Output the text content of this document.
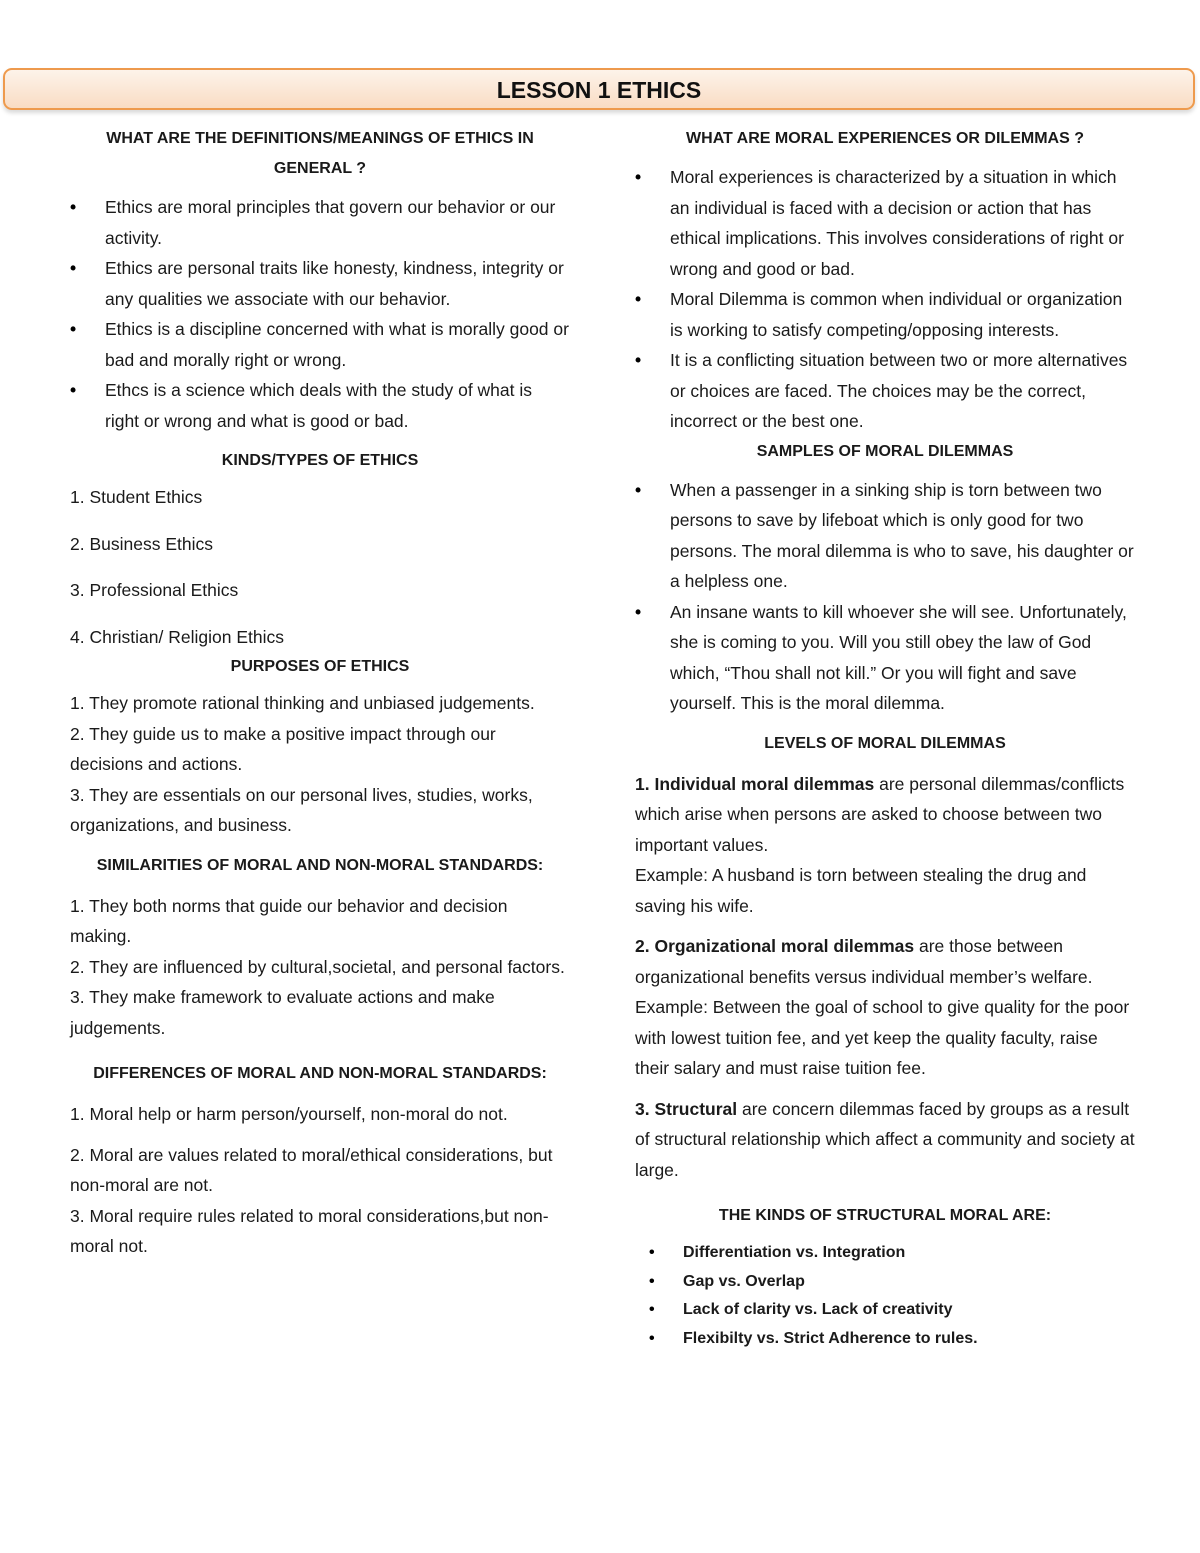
LESSON 1 ETHICS
WHAT ARE THE DEFINITIONS/MEANINGS OF ETHICS IN GENERAL ?
• Ethics are moral principles that govern our behavior or our activity.
• Ethics are personal traits like honesty, kindness, integrity or any qualities we associate with our behavior.
• Ethics is a discipline concerned with what is morally good or bad and morally right or wrong.
• Ethcs is a science which deals with the study of what is right or wrong and what is good or bad.
KINDS/TYPES OF ETHICS

1. Student Ethics

2. Business Ethics

3. Professional Ethics

4. Christian/ Religion Ethics

PURPOSES OF ETHICS

1. They promote rational thinking and unbiased judgements.

2. They guide us to make a positive impact through our decisions and actions.

3. They are essentials on our personal lives, studies, works, organizations, and business.

SIMILARITIES OF MORAL AND NON-MORAL STANDARDS:

1. They both norms that guide our behavior and decision making.

2. They are influenced by cultural,societal, and personal factors.

3. They make framework to evaluate actions and make judgements.

DIFFERENCES OF MORAL AND NON-MORAL STANDARDS:

1. Moral help or harm person/yourself, non-moral do not.

2. Moral are values related to moral/ethical considerations, but non-moral are not.

3. Moral require rules related to moral considerations,but non-moral not.

WHAT ARE MORAL EXPERIENCES OR DILEMMAS ?
• Moral experiences is characterized by a situation in which an individual is faced with a decision or action that has ethical implications. This involves considerations of right or wrong and good or bad.
• Moral Dilemma is common when individual or organization is working to satisfy competing/opposing interests.
• It is a conflicting situation between two or more alternatives or choices are faced. The choices may be the correct, incorrect or the best one.
SAMPLES OF MORAL DILEMMAS
• When a passenger in a sinking ship is torn between two persons to save by lifeboat which is only good for two persons. The moral dilemma is who to save, his daughter or a helpless one.
• An insane wants to kill whoever she will see. Unfortunately, she is coming to you. Will you still obey the law of God which, “Thou shall not kill.” Or you will fight and save yourself. This is the moral dilemma.
LEVELS OF MORAL DILEMMAS

1. Individual moral dilemmas are personal dilemmas/conflicts which arise when persons are asked to choose between two important values.

Example: A husband is torn between stealing the drug and saving his wife.

2. Organizational moral dilemmas are those between organizational benefits versus individual member’s welfare.

Example: Between the goal of school to give quality for the poor with lowest tuition fee, and yet keep the quality faculty, raise their salary and must raise tuition fee.

3. Structural are concern dilemmas faced by groups as a result of structural relationship which affect a community and society at large.

THE KINDS OF STRUCTURAL MORAL ARE:
• Differentiation vs. Integration
• Gap vs. Overlap
• Lack of clarity vs. Lack of creativity
• Flexibilty vs. Strict Adherence to rules.
